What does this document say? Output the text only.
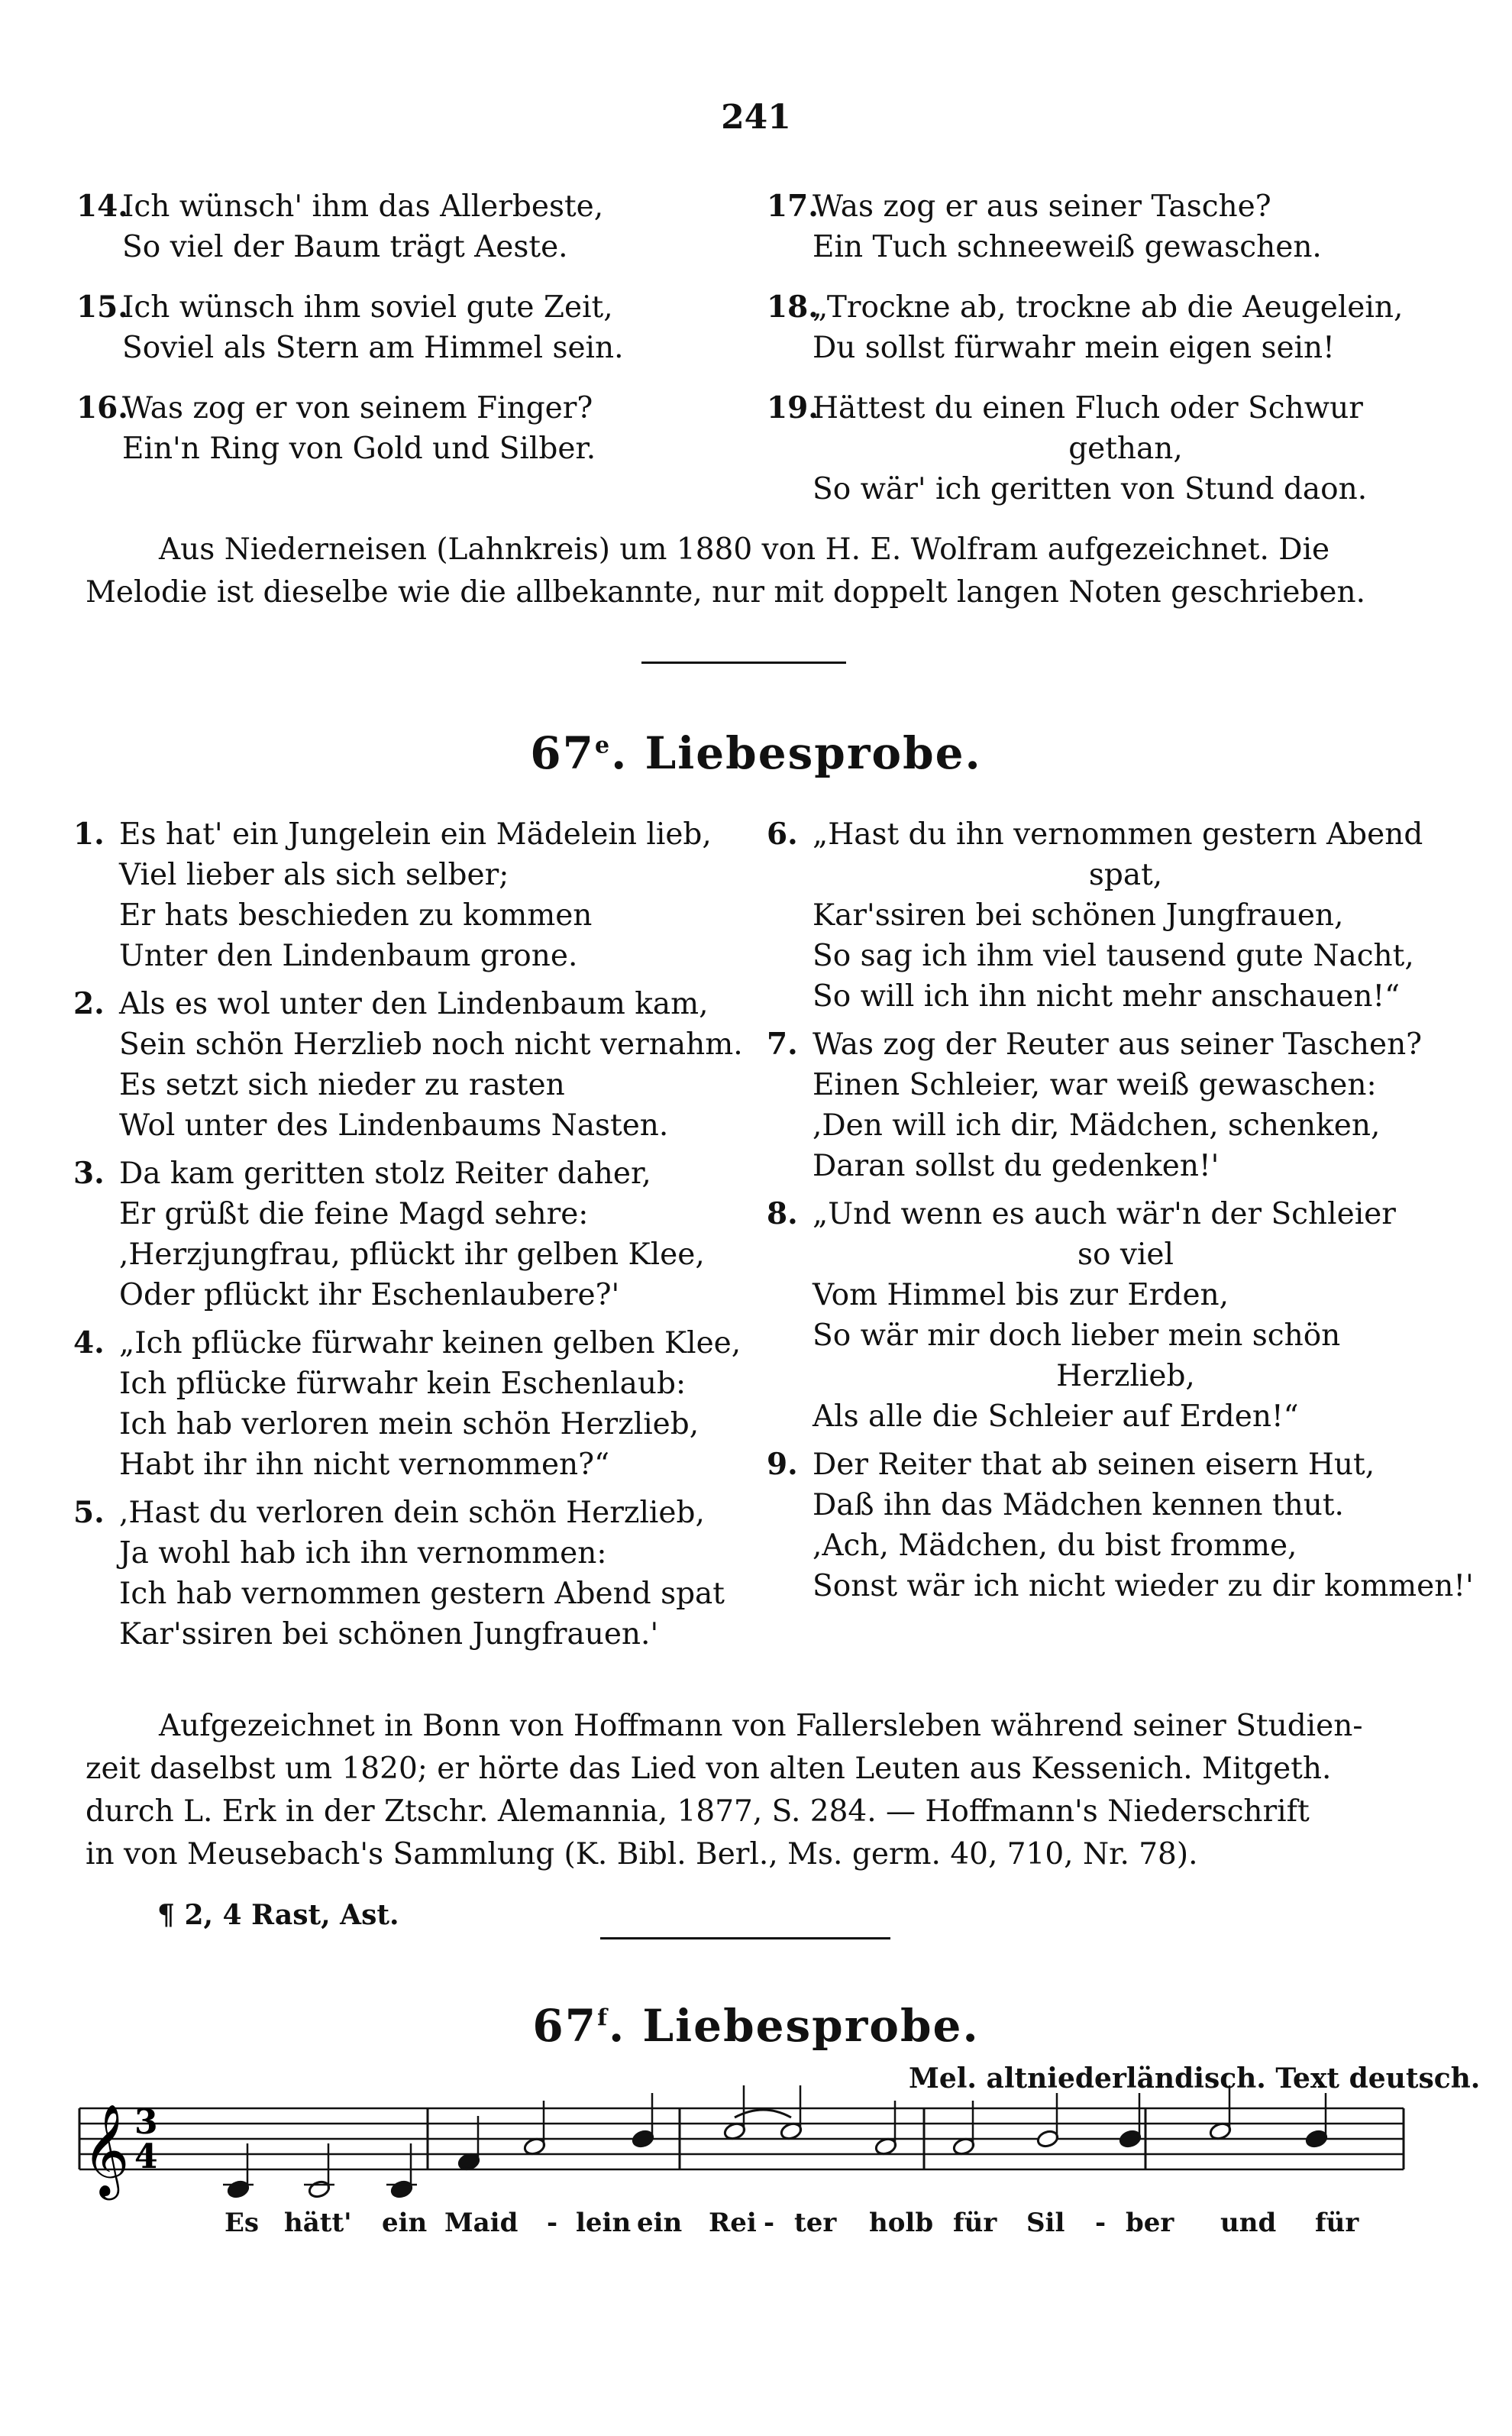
241
14.
Ich wünsch' ihm das Allerbeste,
So viel der Baum trägt Aeste.
15.
Ich wünsch ihm soviel gute Zeit,
Soviel als Stern am Himmel sein.
16.
Was zog er von seinem Finger?
Ein'n Ring von Gold und Silber.
17.
Was zog er aus seiner Tasche?
Ein Tuch schneeweiß gewaschen.
18.
„Trockne ab, trockne ab die Aeugelein,
Du sollst fürwahr mein eigen sein!
19.
Hättest du einen Fluch oder Schwur
gethan,
So wär' ich geritten von Stund daon.
Aus Niederneisen (Lahnkreis) um 1880 von H. E. Wolfram aufgezeichnet. Die
Melodie ist dieselbe wie die allbekannte, nur mit doppelt langen Noten geschrieben.
67e. Liebesprobe.
1. Es hat' ein Jungelein ein Mädelein lieb,
Viel lieber als sich selber;
Er hats beschieden zu kommen
Unter den Lindenbaum grone.
2. Als es wol unter den Lindenbaum kam,
Sein schön Herzlieb noch nicht vernahm.
Es setzt sich nieder zu rasten
Wol unter des Lindenbaums Nasten.
3. Da kam geritten stolz Reiter daher,
Er grüßt die feine Magd sehre:
,Herzjungfrau, pflückt ihr gelben Klee,
Oder pflückt ihr Eschenlaubere?'
4. „Ich pflücke fürwahr keinen gelben Klee,
Ich pflücke fürwahr kein Eschenlaub:
Ich hab verloren mein schön Herzlieb,
Habt ihr ihn nicht vernommen?“
5. ,Hast du verloren dein schön Herzlieb,
Ja wohl hab ich ihn vernommen:
Ich hab vernommen gestern Abend spat
Kar'ssiren bei schönen Jungfrauen.'
6. „Hast du ihn vernommen gestern Abend
spat,
Kar'ssiren bei schönen Jungfrauen,
So sag ich ihm viel tausend gute Nacht,
So will ich ihn nicht mehr anschauen!“
7. Was zog der Reuter aus seiner Taschen?
Einen Schleier, war weiß gewaschen:
,Den will ich dir, Mädchen, schenken,
Daran sollst du gedenken!'
8. „Und wenn es auch wär'n der Schleier
so viel
Vom Himmel bis zur Erden,
So wär mir doch lieber mein schön
Herzlieb,
Als alle die Schleier auf Erden!“
9. Der Reiter that ab seinen eisern Hut,
Daß ihn das Mädchen kennen thut.
,Ach, Mädchen, du bist fromme,
Sonst wär ich nicht wieder zu dir kommen!'
Aufgezeichnet in Bonn von Hoffmann von Fallersleben während seiner Studien-
zeit daselbst um 1820; er hörte das Lied von alten Leuten aus Kessenich. Mitgeth.
durch L. Erk in der Ztschr. Alemannia, 1877, S. 284. — Hoffmann's Niederschrift
in von Meusebach's Sammlung (K. Bibl. Berl., Ms. germ. 40, 710, Nr. 78).
¶ 2, 4 Rast, Ast.
67$^f$. Liebesprobe.
Mel. altniederländisch. Text deutsch.
3
4
𝄞
Es hätt' ein Maid - lein ein Rei - ter holb für Sil - ber und für
